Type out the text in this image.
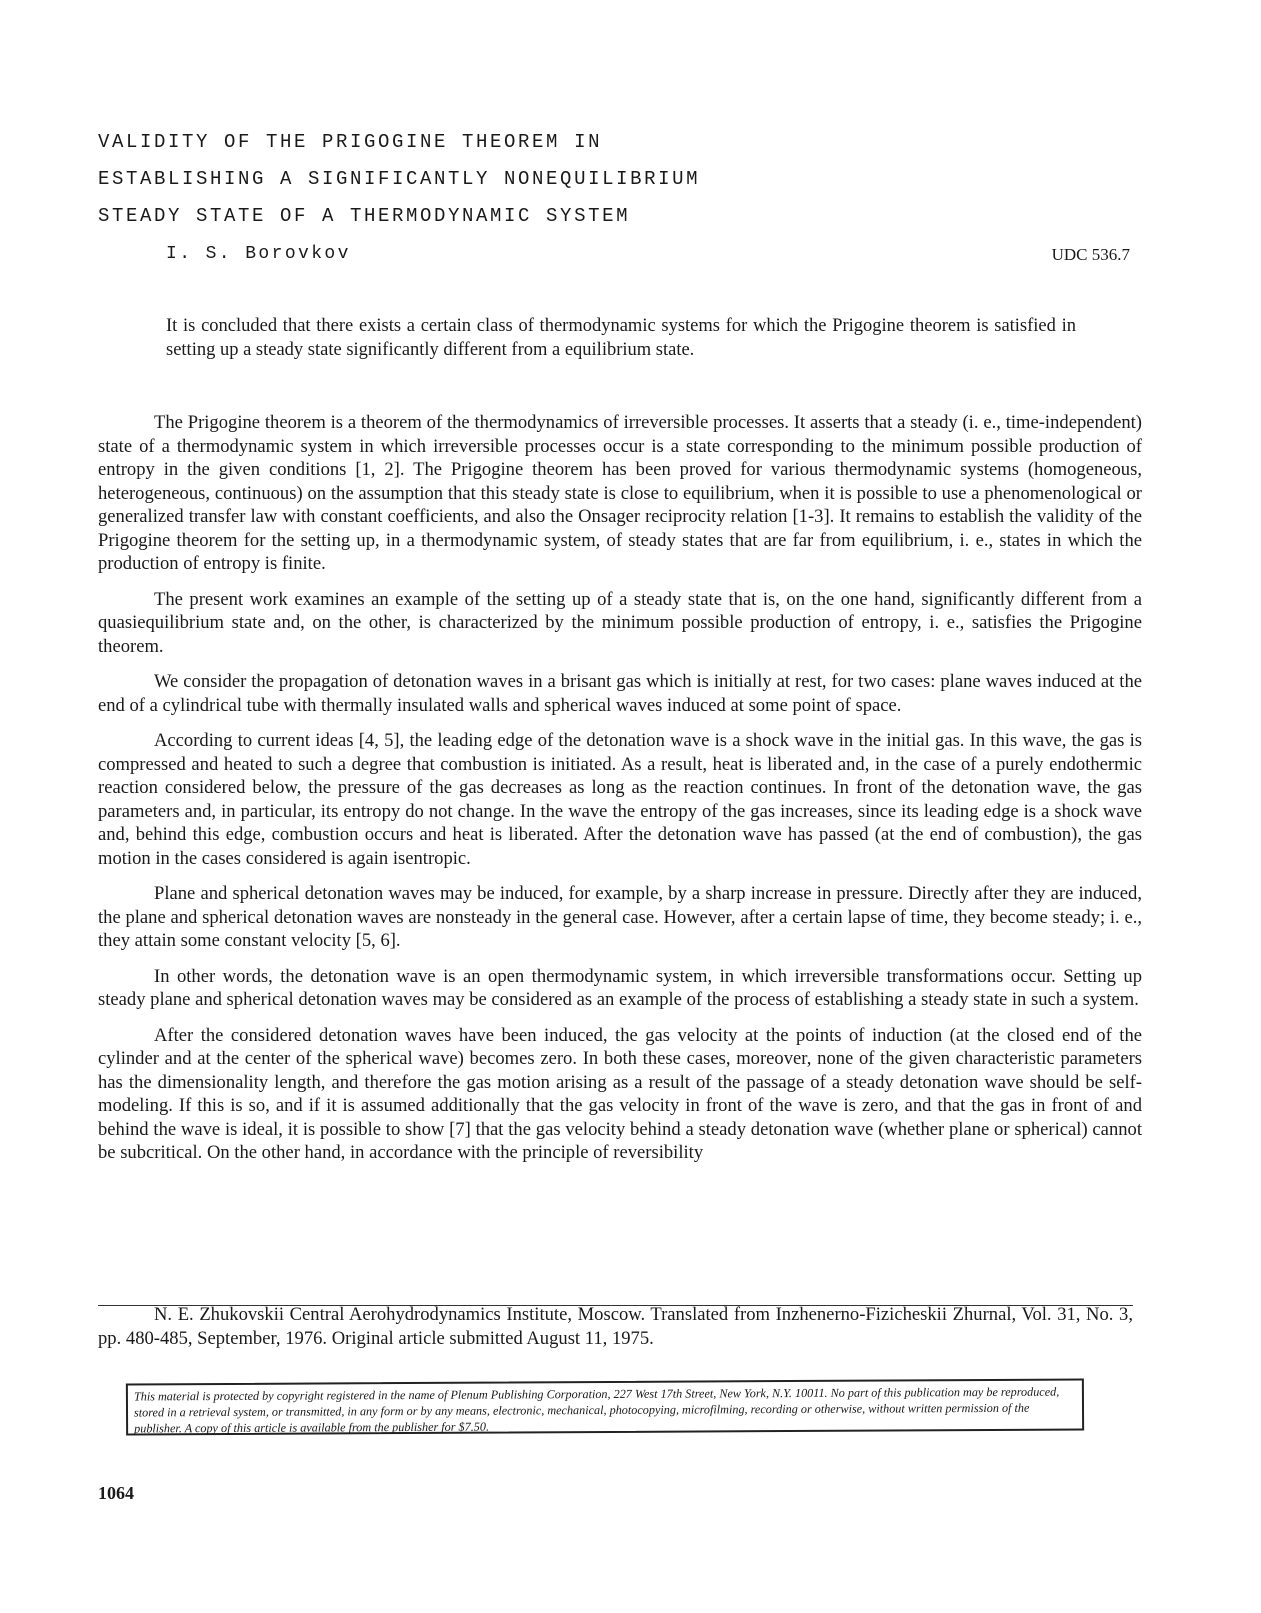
VALIDITY OF THE PRIGOGINE THEOREM IN
ESTABLISHING A SIGNIFICANTLY NONEQUILIBRIUM
STEADY STATE OF A THERMODYNAMIC SYSTEM
I. S. Borovkov	UDC 536.7

It is concluded that there exists a certain class of thermodynamic systems for which the Prigogine theorem is satisfied in setting up a steady state significantly different from a equilibrium state.

The Prigogine theorem is a theorem of the thermodynamics of irreversible processes. It asserts that a steady (i. e., time-independent) state of a thermodynamic system in which irreversible processes occur is a state corresponding to the minimum possible production of entropy in the given conditions [1, 2]. The Prigogine theorem has been proved for various thermodynamic systems (homogeneous, heterogeneous, continuous) on the assumption that this steady state is close to equilibrium, when it is possible to use a phenomenological or generalized transfer law with constant coefficients, and also the Onsager reciprocity relation [1-3]. It remains to establish the validity of the Prigogine theorem for the setting up, in a thermodynamic system, of steady states that are far from equilibrium, i. e., states in which the production of entropy is finite.

The present work examines an example of the setting up of a steady state that is, on the one hand, significantly different from a quasiequilibrium state and, on the other, is characterized by the minimum possible production of entropy, i. e., satisfies the Prigogine theorem.

We consider the propagation of detonation waves in a brisant gas which is initially at rest, for two cases: plane waves induced at the end of a cylindrical tube with thermally insulated walls and spherical waves induced at some point of space.

According to current ideas [4, 5], the leading edge of the detonation wave is a shock wave in the initial gas. In this wave, the gas is compressed and heated to such a degree that combustion is initiated. As a result, heat is liberated and, in the case of a purely endothermic reaction considered below, the pressure of the gas decreases as long as the reaction continues. In front of the detonation wave, the gas parameters and, in particular, its entropy do not change. In the wave the entropy of the gas increases, since its leading edge is a shock wave and, behind this edge, combustion occurs and heat is liberated. After the detonation wave has passed (at the end of combustion), the gas motion in the cases considered is again isentropic.

Plane and spherical detonation waves may be induced, for example, by a sharp increase in pressure. Directly after they are induced, the plane and spherical detonation waves are nonsteady in the general case. However, after a certain lapse of time, they become steady; i. e., they attain some constant velocity [5, 6].

In other words, the detonation wave is an open thermodynamic system, in which irreversible transformations occur. Setting up steady plane and spherical detonation waves may be considered as an example of the process of establishing a steady state in such a system.

After the considered detonation waves have been induced, the gas velocity at the points of induction (at the closed end of the cylinder and at the center of the spherical wave) becomes zero. In both these cases, moreover, none of the given characteristic parameters has the dimensionality length, and therefore the gas motion arising as a result of the passage of a steady detonation wave should be self-modeling. If this is so, and if it is assumed additionally that the gas velocity in front of the wave is zero, and that the gas in front of and behind the wave is ideal, it is possible to show [7] that the gas velocity behind a steady detonation wave (whether plane or spherical) cannot be subcritical. On the other hand, in accordance with the principle of reversibility

N. E. Zhukovskii Central Aerohydrodynamics Institute, Moscow. Translated from Inzhenerno-Fizicheskii Zhurnal, Vol. 31, No. 3, pp. 480-485, September, 1976. Original article submitted August 11, 1975.

This material is protected by copyright registered in the name of Plenum Publishing Corporation, 227 West 17th Street, New York, N.Y. 10011. No part of this publication may be reproduced, stored in a retrieval system, or transmitted, in any form or by any means, electronic, mechanical, photocopying, microfilming, recording or otherwise, without written permission of the publisher. A copy of this article is available from the publisher for $7.50.
1064
